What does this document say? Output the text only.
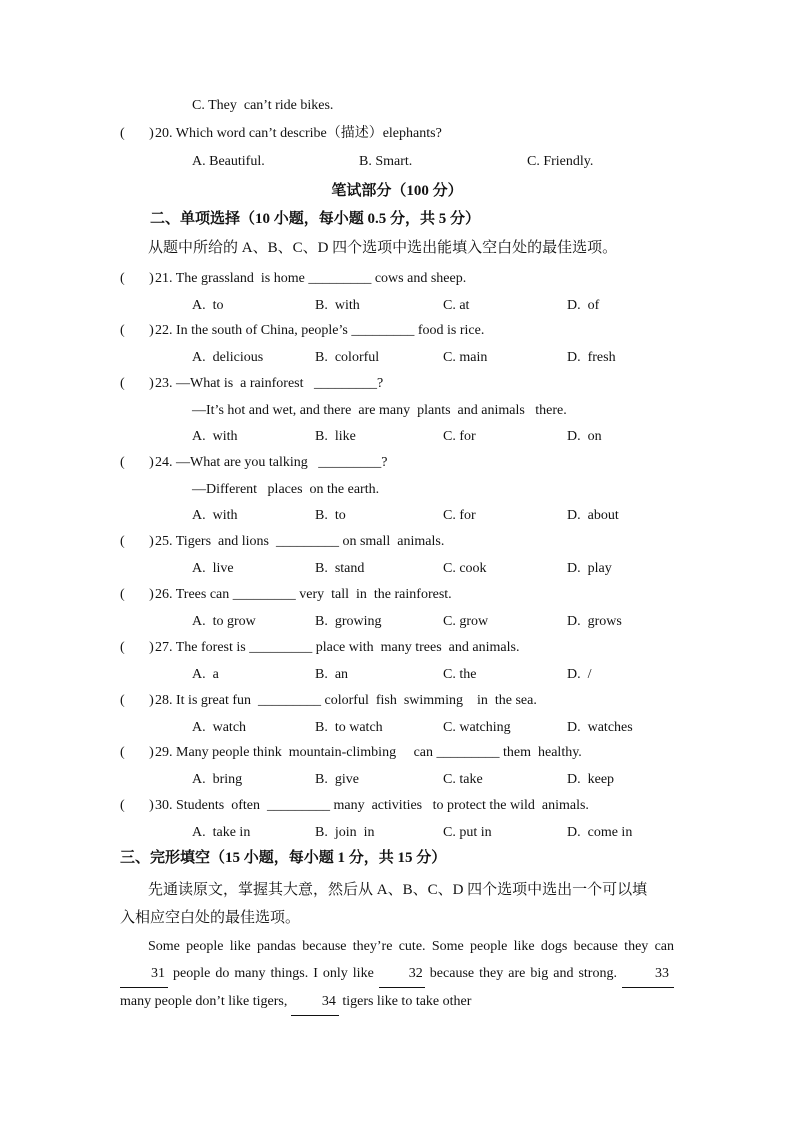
C. They  can’t ride bikes.
(       ) 20. Which word can’t describe（描述）elephants?
A. Beautiful.	B. Smart.	C. Friendly.
笔试部分（100 分）
二、单项选择（10 小题，每小题 0.5 分，共 5 分）
从题中所给的 A、B、C、D 四个选项中选出能填入空白处的最佳选项。
(       ) 21. The grassland  is home _________ cows and sheep.
A.  to	B.  with	C. at	D.  of
(       ) 22. In the south of China, people’s _________ food is rice.
A.  delicious	B.  colorful	C. main	D.  fresh
(       ) 23. —What is  a rainforest   _________?
—It’s hot and wet, and there  are many  plants  and animals   there.
A.  with	B.  like	C. for	D.  on
(       ) 24. —What are you talking   _________?
—Different   places  on the earth.
A.  with	B.  to	C. for	D.  about
(       ) 25. Tigers  and lions  _________ on small  animals.
A.  live	B.  stand	C. cook	D.  play
(       ) 26. Trees can _________ very  tall  in  the rainforest.
A.  to grow	B.  growing	C. grow	D.  grows
(       ) 27. The forest is _________ place with  many trees  and animals.
A.  a	B.  an	C. the	D.  /
(       ) 28. It is great fun  _________ colorful  fish  swimming    in  the sea.
A.  watch	B.  to watch	C. watching	D.  watches
(       ) 29. Many people think  mountain-climbing     can _________ them  healthy.
A.  bring	B.  give	C. take	D.  keep
(       ) 30. Students  often  _________ many  activities   to protect the wild  animals.
A.  take in	B.  join  in	C. put in	D.  come in
三、完形填空（15 小题，每小题 1 分，共 15 分）
先通读原文，掌握其大意，然后从 A、B、C、D 四个选项中选出一个可以填
入相应空白处的最佳选项。
Some people like pandas because they’re cute. Some people like dogs because they can 31 people do many things. I only like 32 because they are big and strong. 33 many people don’t like tigers, 34 tigers like to take other
